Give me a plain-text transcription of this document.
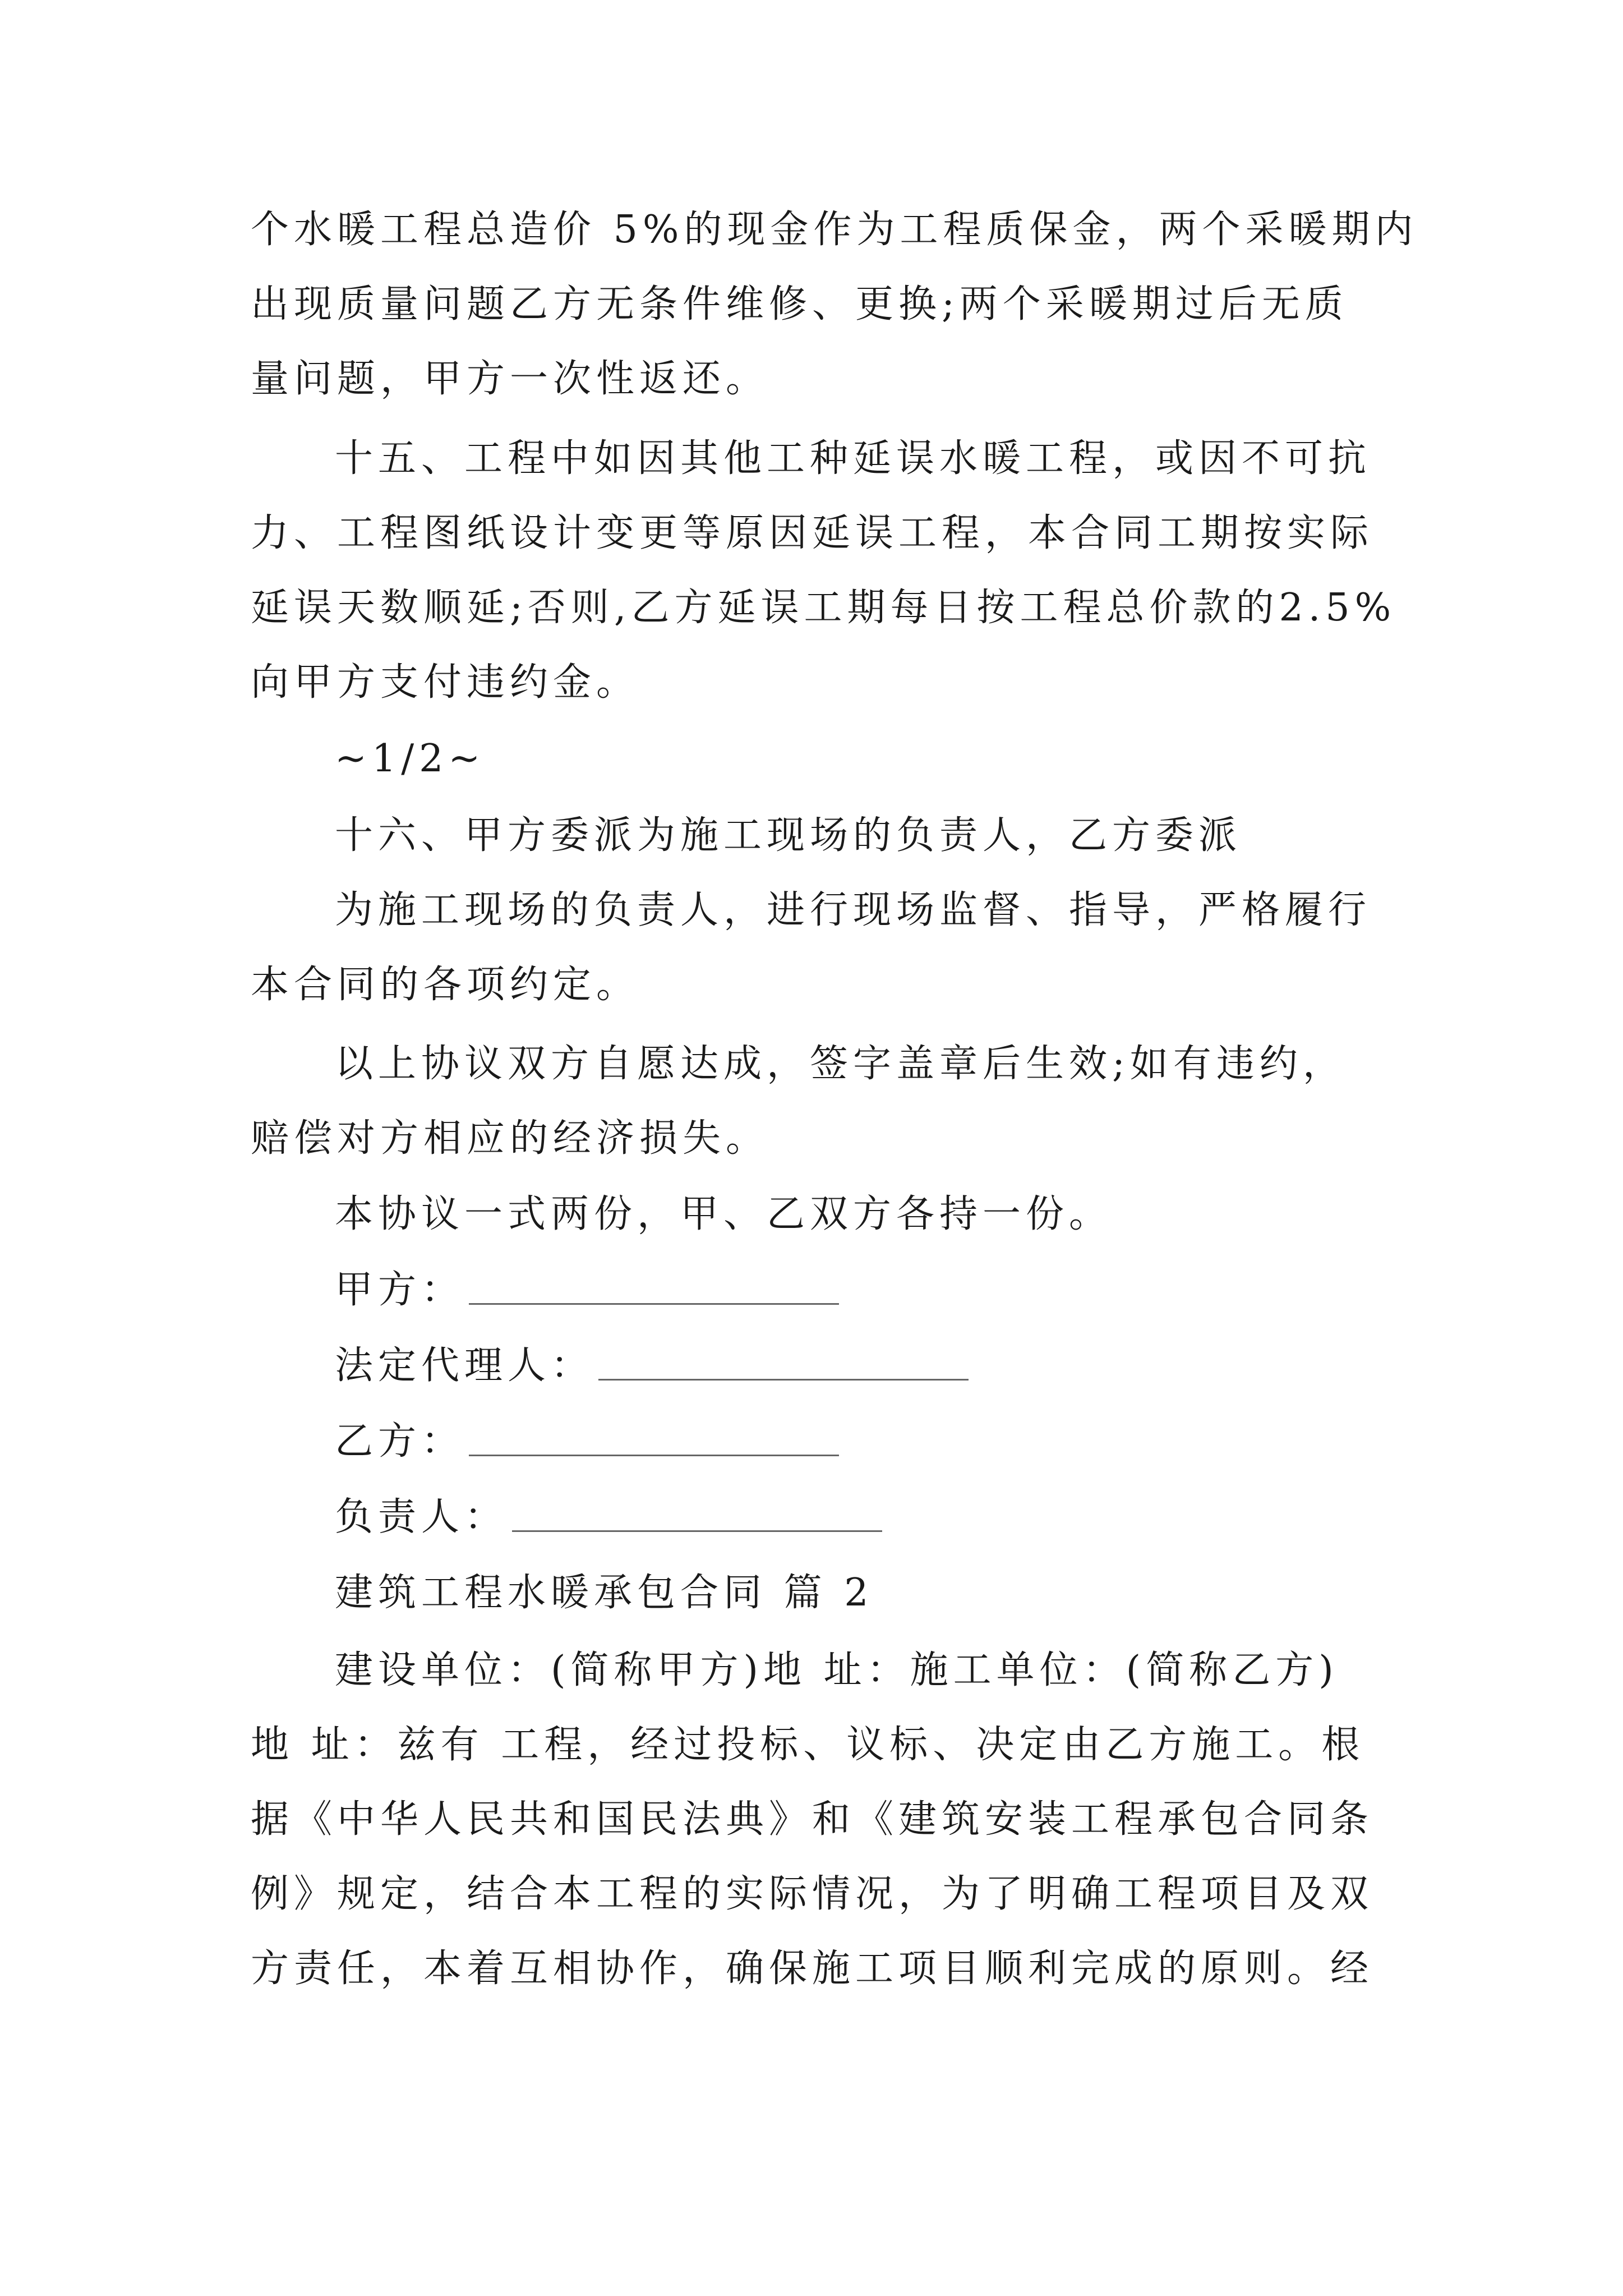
个水暖工程总造价 5%的现金作为工程质保金，两个采暖期内
出现质量问题乙方无条件维修、更换;两个采暖期过后无质
量问题，甲方一次性返还。
十五、工程中如因其他工种延误水暖工程，或因不可抗
力、工程图纸设计变更等原因延误工程，本合同工期按实际
延误天数顺延;否则,乙方延误工期每日按工程总价款的2.5%
向甲方支付违约金。
~1/2~
十六、甲方委派为施工现场的负责人，乙方委派
为施工现场的负责人，进行现场监督、指导，严格履行
本合同的各项约定。
以上协议双方自愿达成，签字盖章后生效;如有违约，
赔偿对方相应的经济损失。
本协议一式两份，甲、乙双方各持一份。
甲方：
法定代理人：
乙方：
负责人：
建筑工程水暖承包合同 篇 2
建设单位：(简称甲方)地 址：施工单位：(简称乙方)
地 址：兹有 工程，经过投标、议标、决定由乙方施工。根
据《中华人民共和国民法典》和《建筑安装工程承包合同条
例》规定，结合本工程的实际情况，为了明确工程项目及双
方责任，本着互相协作，确保施工项目顺利完成的原则。经
